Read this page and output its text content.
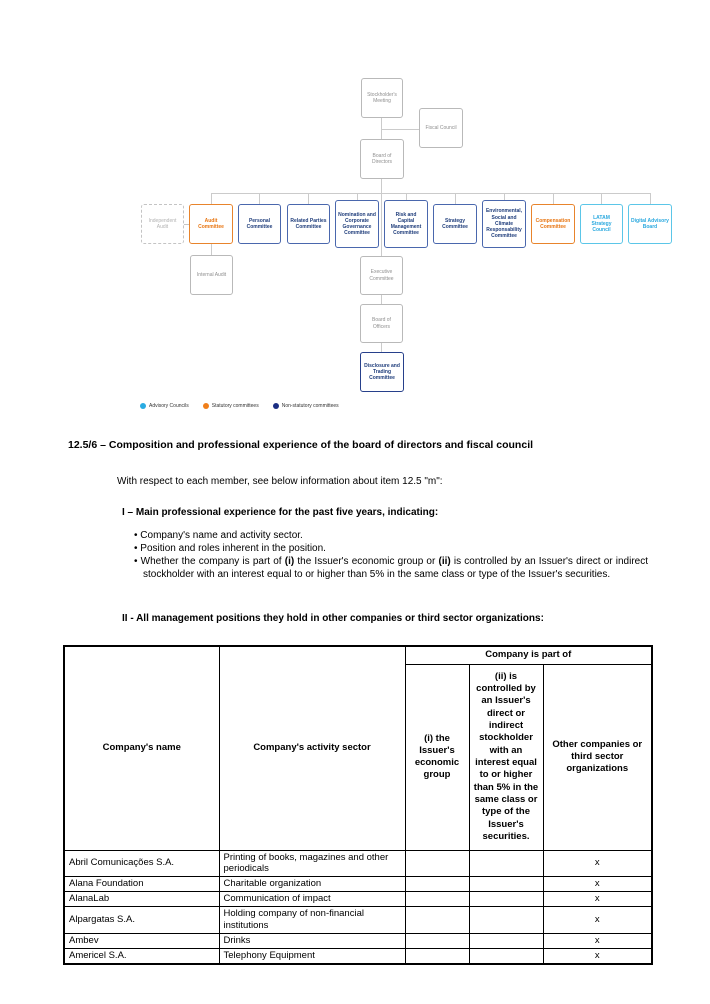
Stockholder's Meeting
Fiscal Council
Board of Directors
Independent Audit
Audit Committee
Personal Committee
Related Parties Committee
Nomination and Corporate Governance Committee
Risk and Capital Management Committee
Strategy Committee
Environmental, Social and Climate Responsability Committee
Compensation Committee
LATAM Strategy Council
Digital Advisory Board
Internal Audit	Executive Committee
Board of Officers
Disclosure and Trading Committee
Advisory Councils	Statutory committees	Non-statutory committees
12.5/6 – Composition and professional experience of the board of directors and fiscal council
With respect to each member, see below information about item 12.5 "m":
I – Main professional experience for the past five years, indicating:
• Company's name and activity sector.
• Position and roles inherent in the position.
• Whether the company is part of (i) the Issuer's economic group or (ii) is controlled by an Issuer's direct or indirect stockholder with an interest equal to or higher than 5% in the same class or type of the Issuer's securities.
II - All management positions they hold in other companies or third sector organizations:
Company's name	Company's activity sector	Company is part of		
		(i) the Issuer's economic group	(ii) is controlled by an Issuer's direct or indirect stockholder with an interest equal to or higher than 5% in the same class or type of the Issuer's securities.	Other companies or third sector organizations
Abril Comunicações S.A.	Printing of books, magazines and other periodicals			x
Alana Foundation	Charitable organization			x
AlanaLab	Communication of impact			x
Alpargatas S.A.	Holding company of non-financial institutions			x
Ambev	Drinks			x
Americel S.A.	Telephony Equipment			x
